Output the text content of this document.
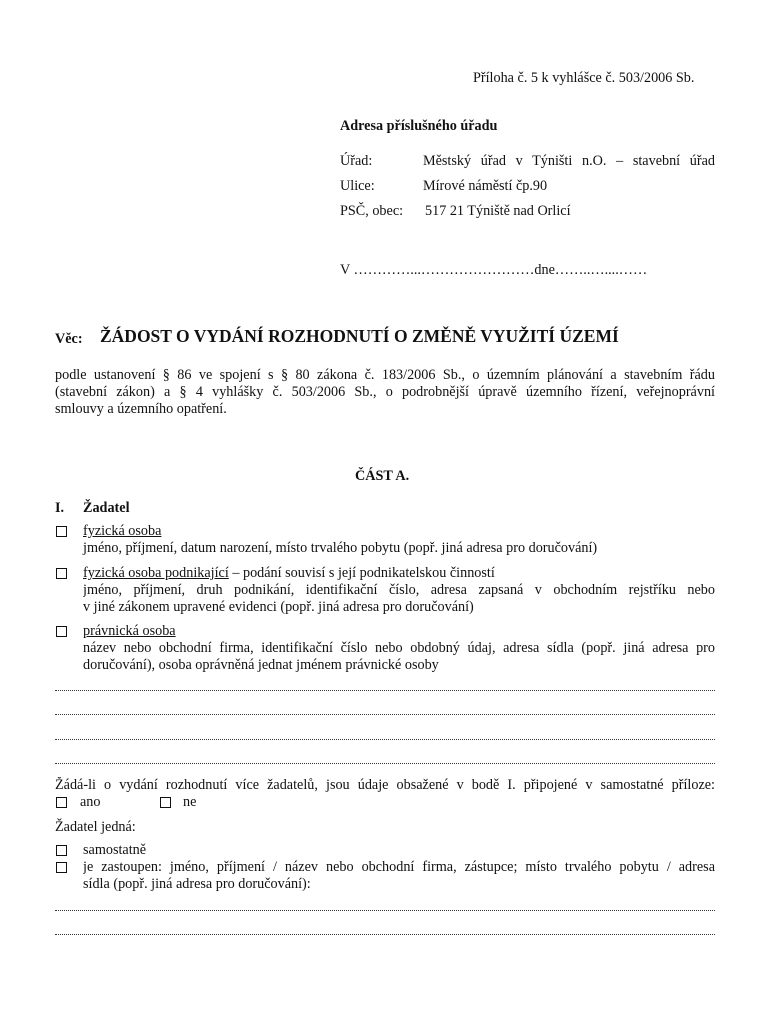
Příloha č. 5 k vyhlášce č. 503/2006 Sb.
Adresa příslušného úřadu
Úřad:	Městský úřad v Týništi n.O. – stavební úřad
Ulice:	Mírové náměstí čp.90
PSČ, obec: 517 21 Týniště nad Orlicí
V …………...……………………dne……..…....……
Věc: ŽÁDOST O VYDÁNÍ ROZHODNUTÍ O ZMĚNĚ VYUŽITÍ ÚZEMÍ
podle ustanovení § 86 ve spojení s § 80 zákona č. 183/2006 Sb., o územním plánování a stavebním řádu
(stavební zákon) a § 4 vyhlášky č. 503/2006 Sb., o podrobnější úpravě územního řízení, veřejnoprávní
smlouvy a územního opatření.
ČÁST A.
I. Žadatel
fyzická osoba
jméno, příjmení, datum narození, místo trvalého pobytu (popř. jiná adresa pro doručování)
fyzická osoba podnikající – podání souvisí s její podnikatelskou činností
jméno, příjmení, druh podnikání, identifikační číslo, adresa zapsaná v obchodním rejstříku nebo
v jiné zákonem upravené evidenci (popř. jiná adresa pro doručování)
právnická osoba
název nebo obchodní firma, identifikační číslo nebo obdobný údaj, adresa sídla (popř. jiná adresa pro
doručování), osoba oprávněná jednat jménem právnické osoby
Žádá-li o vydání rozhodnutí více žadatelů, jsou údaje obsažené v bodě I. připojené v samostatné příloze:
ano	ne
Žadatel jedná:
samostatně
je zastoupen: jméno, příjmení / název nebo obchodní firma, zástupce; místo trvalého pobytu / adresa
sídla (popř. jiná adresa pro doručování):
